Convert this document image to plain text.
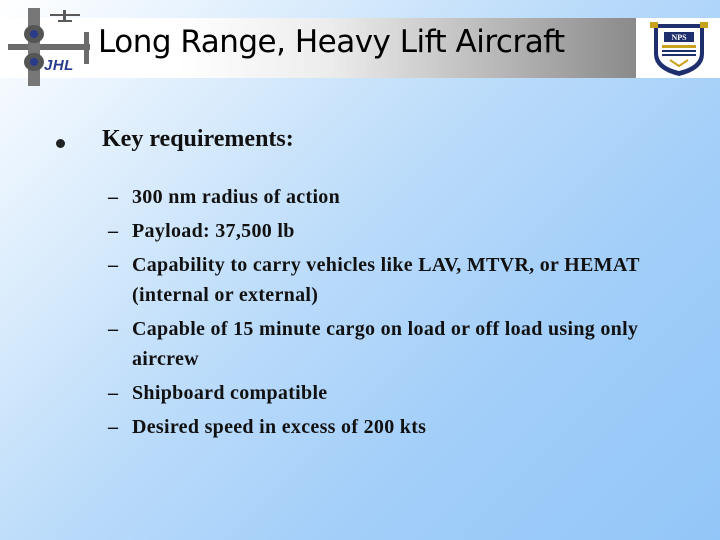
JHL
Long Range, Heavy Lift Aircraft	NPS
Key requirements:
– 300 nm radius of action
– Payload: 37,500 lb
– Capability to carry vehicles like LAV, MTVR, or HEMAT (internal or external)
– Capable of 15 minute cargo on load or off load using only aircrew
– Shipboard compatible
– Desired speed in excess of 200 kts
